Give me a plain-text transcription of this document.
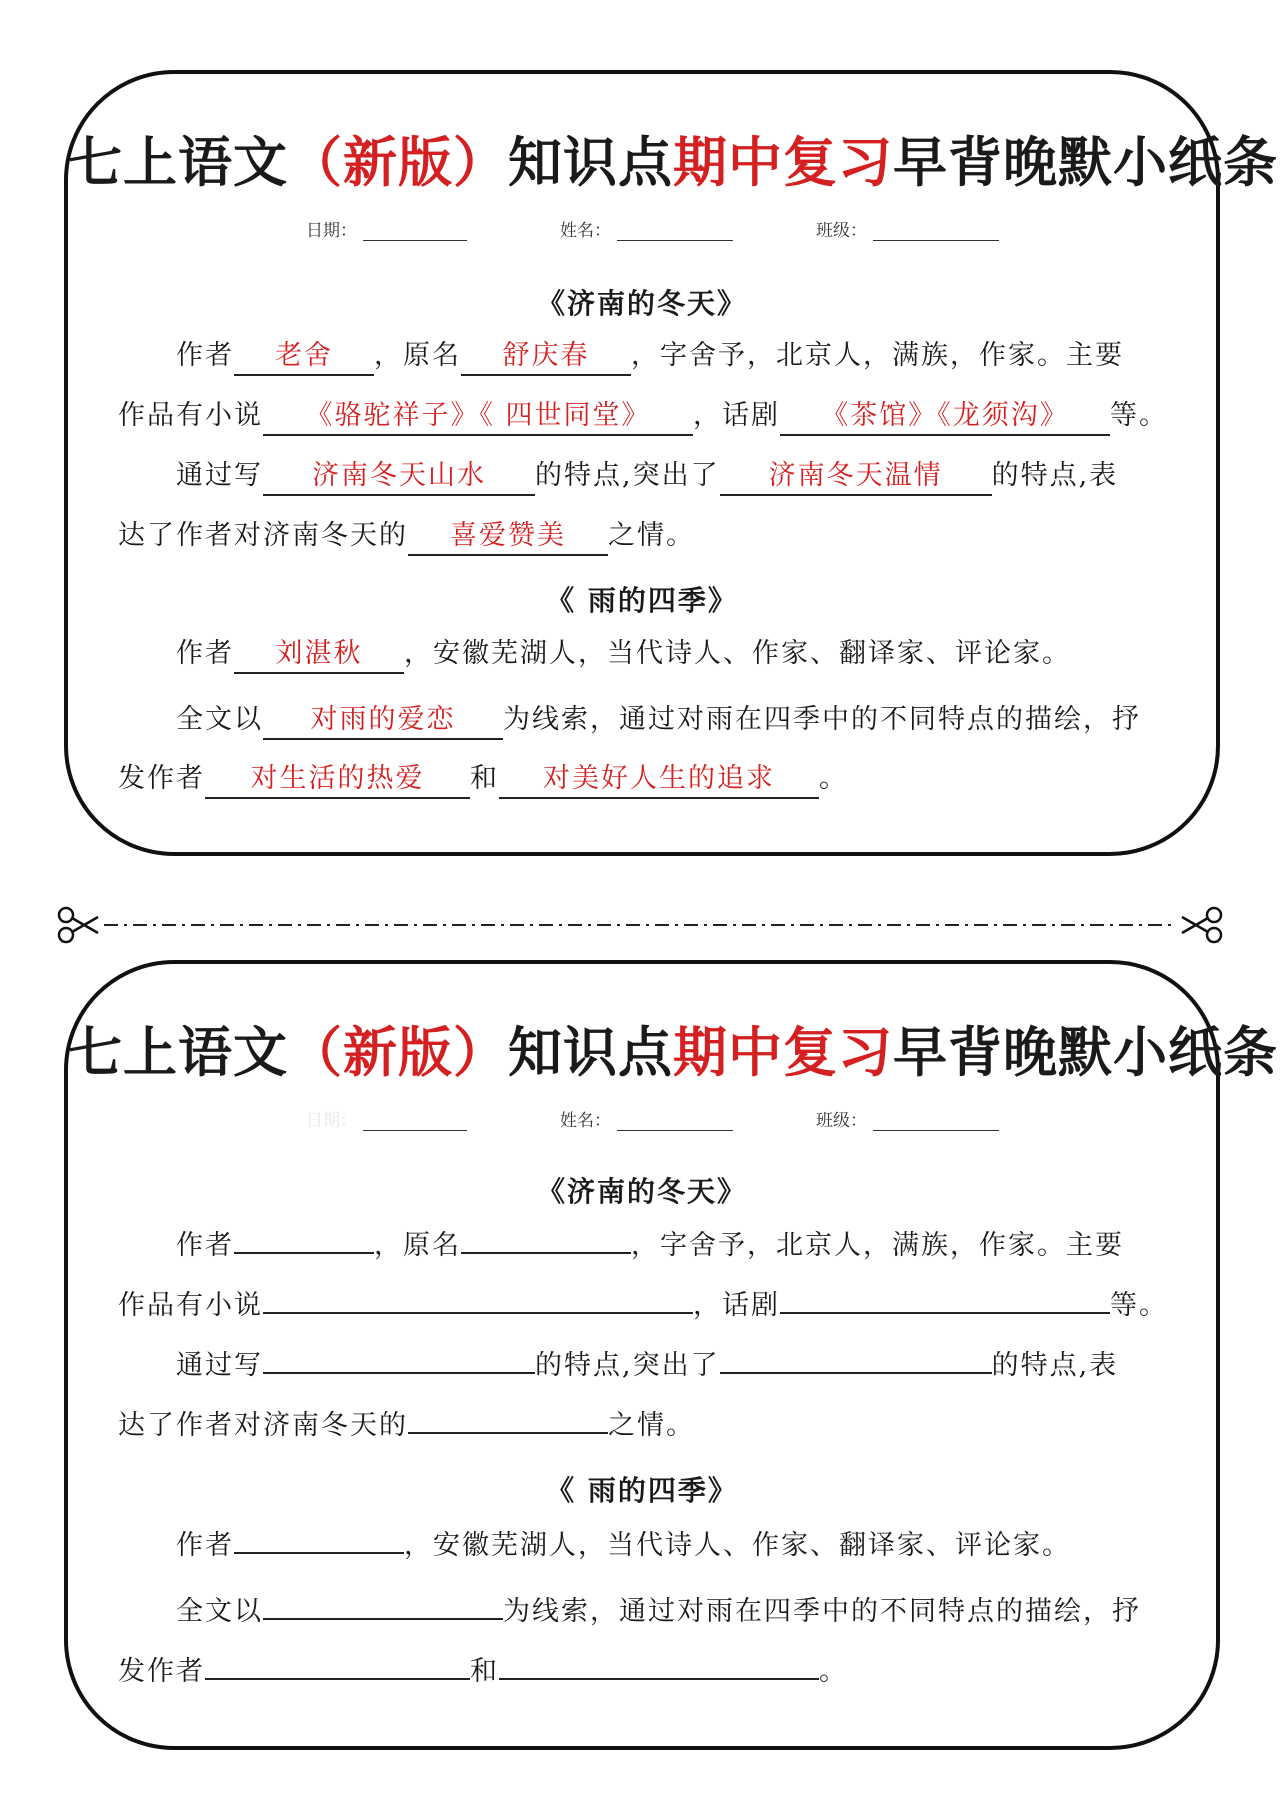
七上语文（新版）知识点期中复习早背晚默小纸条
日期：	姓名：	班级：
《济南的冬天》
作者 老舍 ，原名 舒庆春 ，字舍予，北京人，满族，作家。主要
作品有小说 《骆驼祥子》《 四世同堂》 ，话剧 《茶馆》《龙须沟》 等。
通过写 济南冬天山水 的特点,突出了 济南冬天温情 的特点,表
达了作者对济南冬天的 喜爱赞美 之情。
《 雨的四季》
作者 刘湛秋 ，安徽芜湖人，当代诗人、作家、翻译家、评论家。
全文以 对雨的爱恋 为线索，通过对雨在四季中的不同特点的描绘，抒
发作者 对生活的热爱 和 对美好人生的追求 。
七上语文（新版）知识点期中复习早背晚默小纸条
日期：	姓名：	班级：
《济南的冬天》
作者	，原名	，字舍予，北京人，满族，作家。主要
作品有小说	，话剧	等。
通过写	的特点,突出了	的特点,表
达了作者对济南冬天的	之情。
《 雨的四季》
作者	，安徽芜湖人，当代诗人、作家、翻译家、评论家。
全文以	为线索，通过对雨在四季中的不同特点的描绘，抒
发作者	和	。
